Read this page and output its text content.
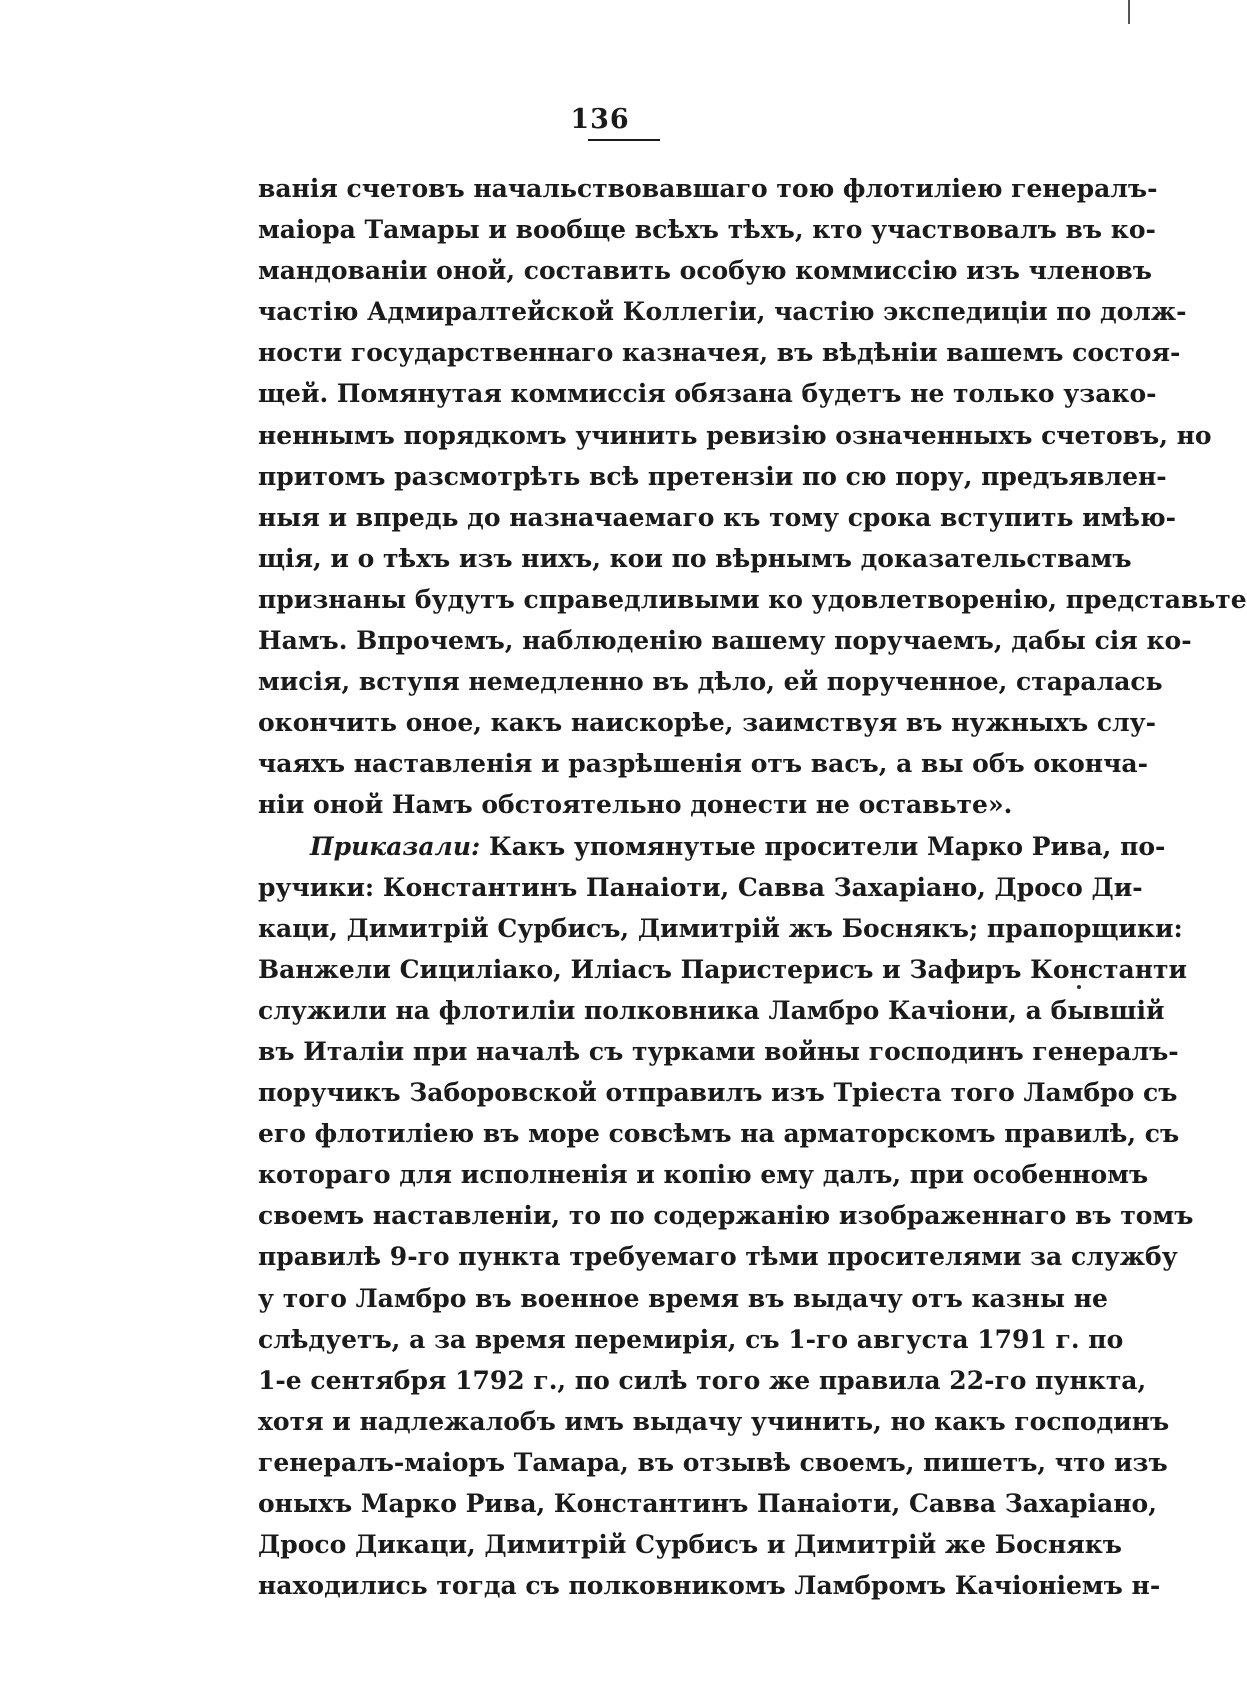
136
ванія счетовъ начальствовавшаго тою флотиліею генералъ-
маіора Тамары и вообще всѣхъ тѣхъ, кто участвовалъ въ ко-
мандованіи оной, составить особую коммиссію изъ членовъ
частію Адмиралтейской Коллегіи, частію экспедиціи по долж-
ности государственнаго казначея, въ вѣдѣніи вашемъ состоя-
щей. Помянутая коммиссія обязана будетъ не только узако-
неннымъ порядкомъ учинить ревизію означенныхъ счетовъ, но
притомъ разсмотрѣть всѣ претензіи по сю пору, предъявлен-
ныя и впредь до назначаемаго къ тому срока вступить имѣю-
щія, и о тѣхъ изъ нихъ, кои по вѣрнымъ доказательствамъ
признаны будутъ справедливыми ко удовлетворенію, представьте
Намъ. Впрочемъ, наблюденію вашему поручаемъ, дабы сія ко-
мисія, вступя немедленно въ дѣло, ей порученное, старалась
окончить оное, какъ наискорѣе, заимствуя въ нужныхъ слу-
чаяхъ наставленія и разрѣшенія отъ васъ, а вы объ оконча-
ніи оной Намъ обстоятельно донести не оставьте».
Приказали: Какъ упомянутые просители Марко Рива, по-
ручики: Константинъ Панаіоти, Савва Захаріано, Дросо Ди-
каци, Димитрій Сурбисъ, Димитрій жъ Боснякъ; прапорщики:
Ванжели Сициліако, Иліасъ Паристерисъ и Зафиръ Константи
служили на флотиліи полковника Ламбро Качіони, а бывшій
въ Италіи при началѣ съ турками войны господинъ генералъ-
поручикъ Заборовской отправилъ изъ Тріеста того Ламбро съ
его флотиліею въ море совсѣмъ на арматорскомъ правилѣ, съ
котораго для исполненія и копію ему далъ, при особенномъ
своемъ наставленіи, то по содержанію изображеннаго въ томъ
правилѣ 9-го пункта требуемаго тѣми просителями за службу
у того Ламбро въ военное время въ выдачу отъ казны не
слѣдуетъ, а за время перемирія, съ 1-го августа 1791 г. по
1-е сентября 1792 г., по силѣ того же правила 22-го пункта,
хотя и надлежалобъ имъ выдачу учинить, но какъ господинъ
генералъ-маіоръ Тамара, въ отзывѣ своемъ, пишетъ, что изъ
оныхъ Марко Рива, Константинъ Панаіоти, Савва Захаріано,
Дросо Дикаци, Димитрій Сурбисъ и Димитрій же Боснякъ
находились тогда съ полковникомъ Ламбромъ Качіоніемъ н-
